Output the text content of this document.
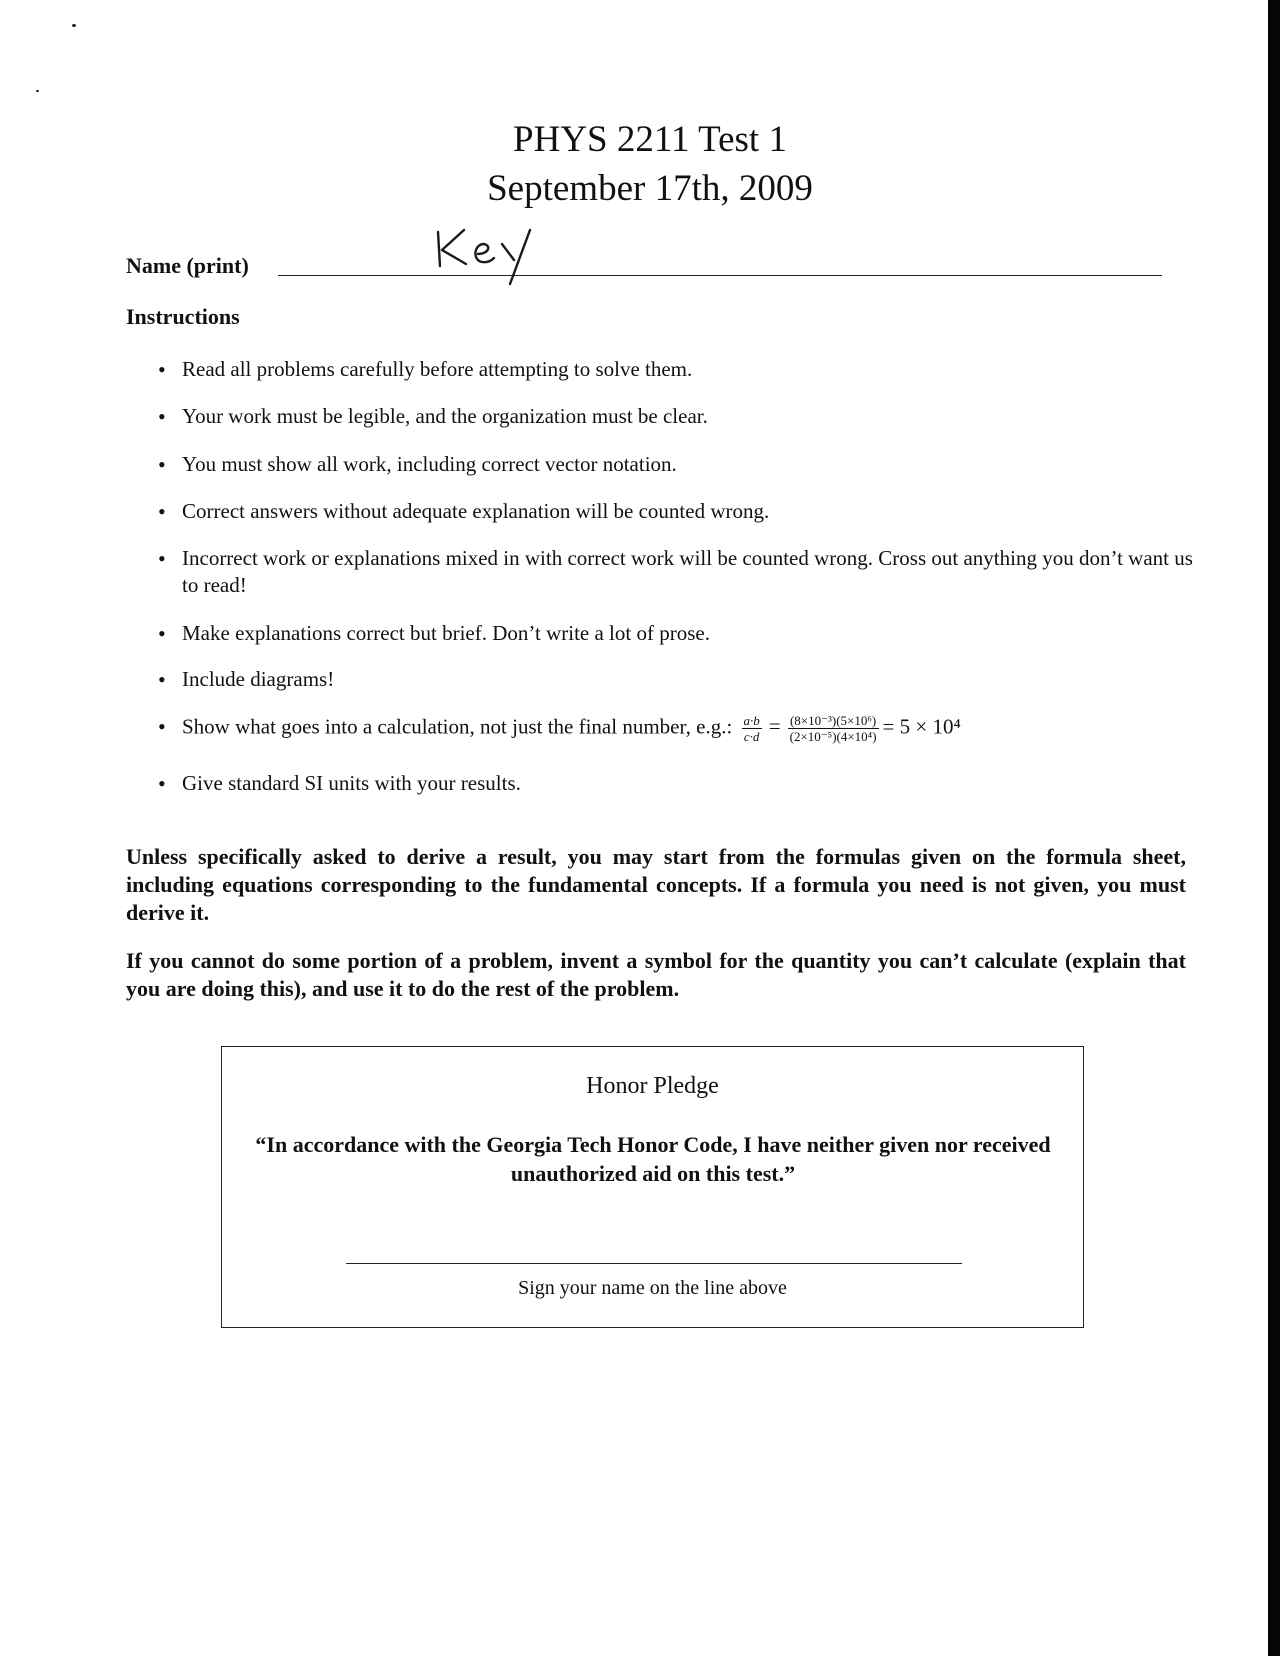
PHYS 2211 Test 1
September 17th, 2009
Name (print)
Instructions
• Read all problems carefully before attempting to solve them.
• Your work must be legible, and the organization must be clear.
• You must show all work, including correct vector notation.
• Correct answers without adequate explanation will be counted wrong.
• Incorrect work or explanations mixed in with correct work will be counted wrong. Cross out anything you don’t want us to read!
• Make explanations correct but brief. Don’t write a lot of prose.
• Include diagrams!
• Show what goes into a calculation, not just the final number, e.g.: $\frac{a\cdot b}{c\cdot d} = \frac{\text{(8×10⁻³)(5×10⁶)}}{\text{(2×10⁻⁵)(4×10⁴)}} = 5 \times 10^4$
• Give standard SI units with your results.
Unless specifically asked to derive a result, you may start from the formulas given on the formula sheet, including equations corresponding to the fundamental concepts. If a formula you need is not given, you must derive it.
If you cannot do some portion of a problem, invent a symbol for the quantity you can’t calculate (explain that you are doing this), and use it to do the rest of the problem.
Honor Pledge
“In accordance with the Georgia Tech Honor Code, I have neither given nor received unauthorized aid on this test.”
Sign your name on the line above
